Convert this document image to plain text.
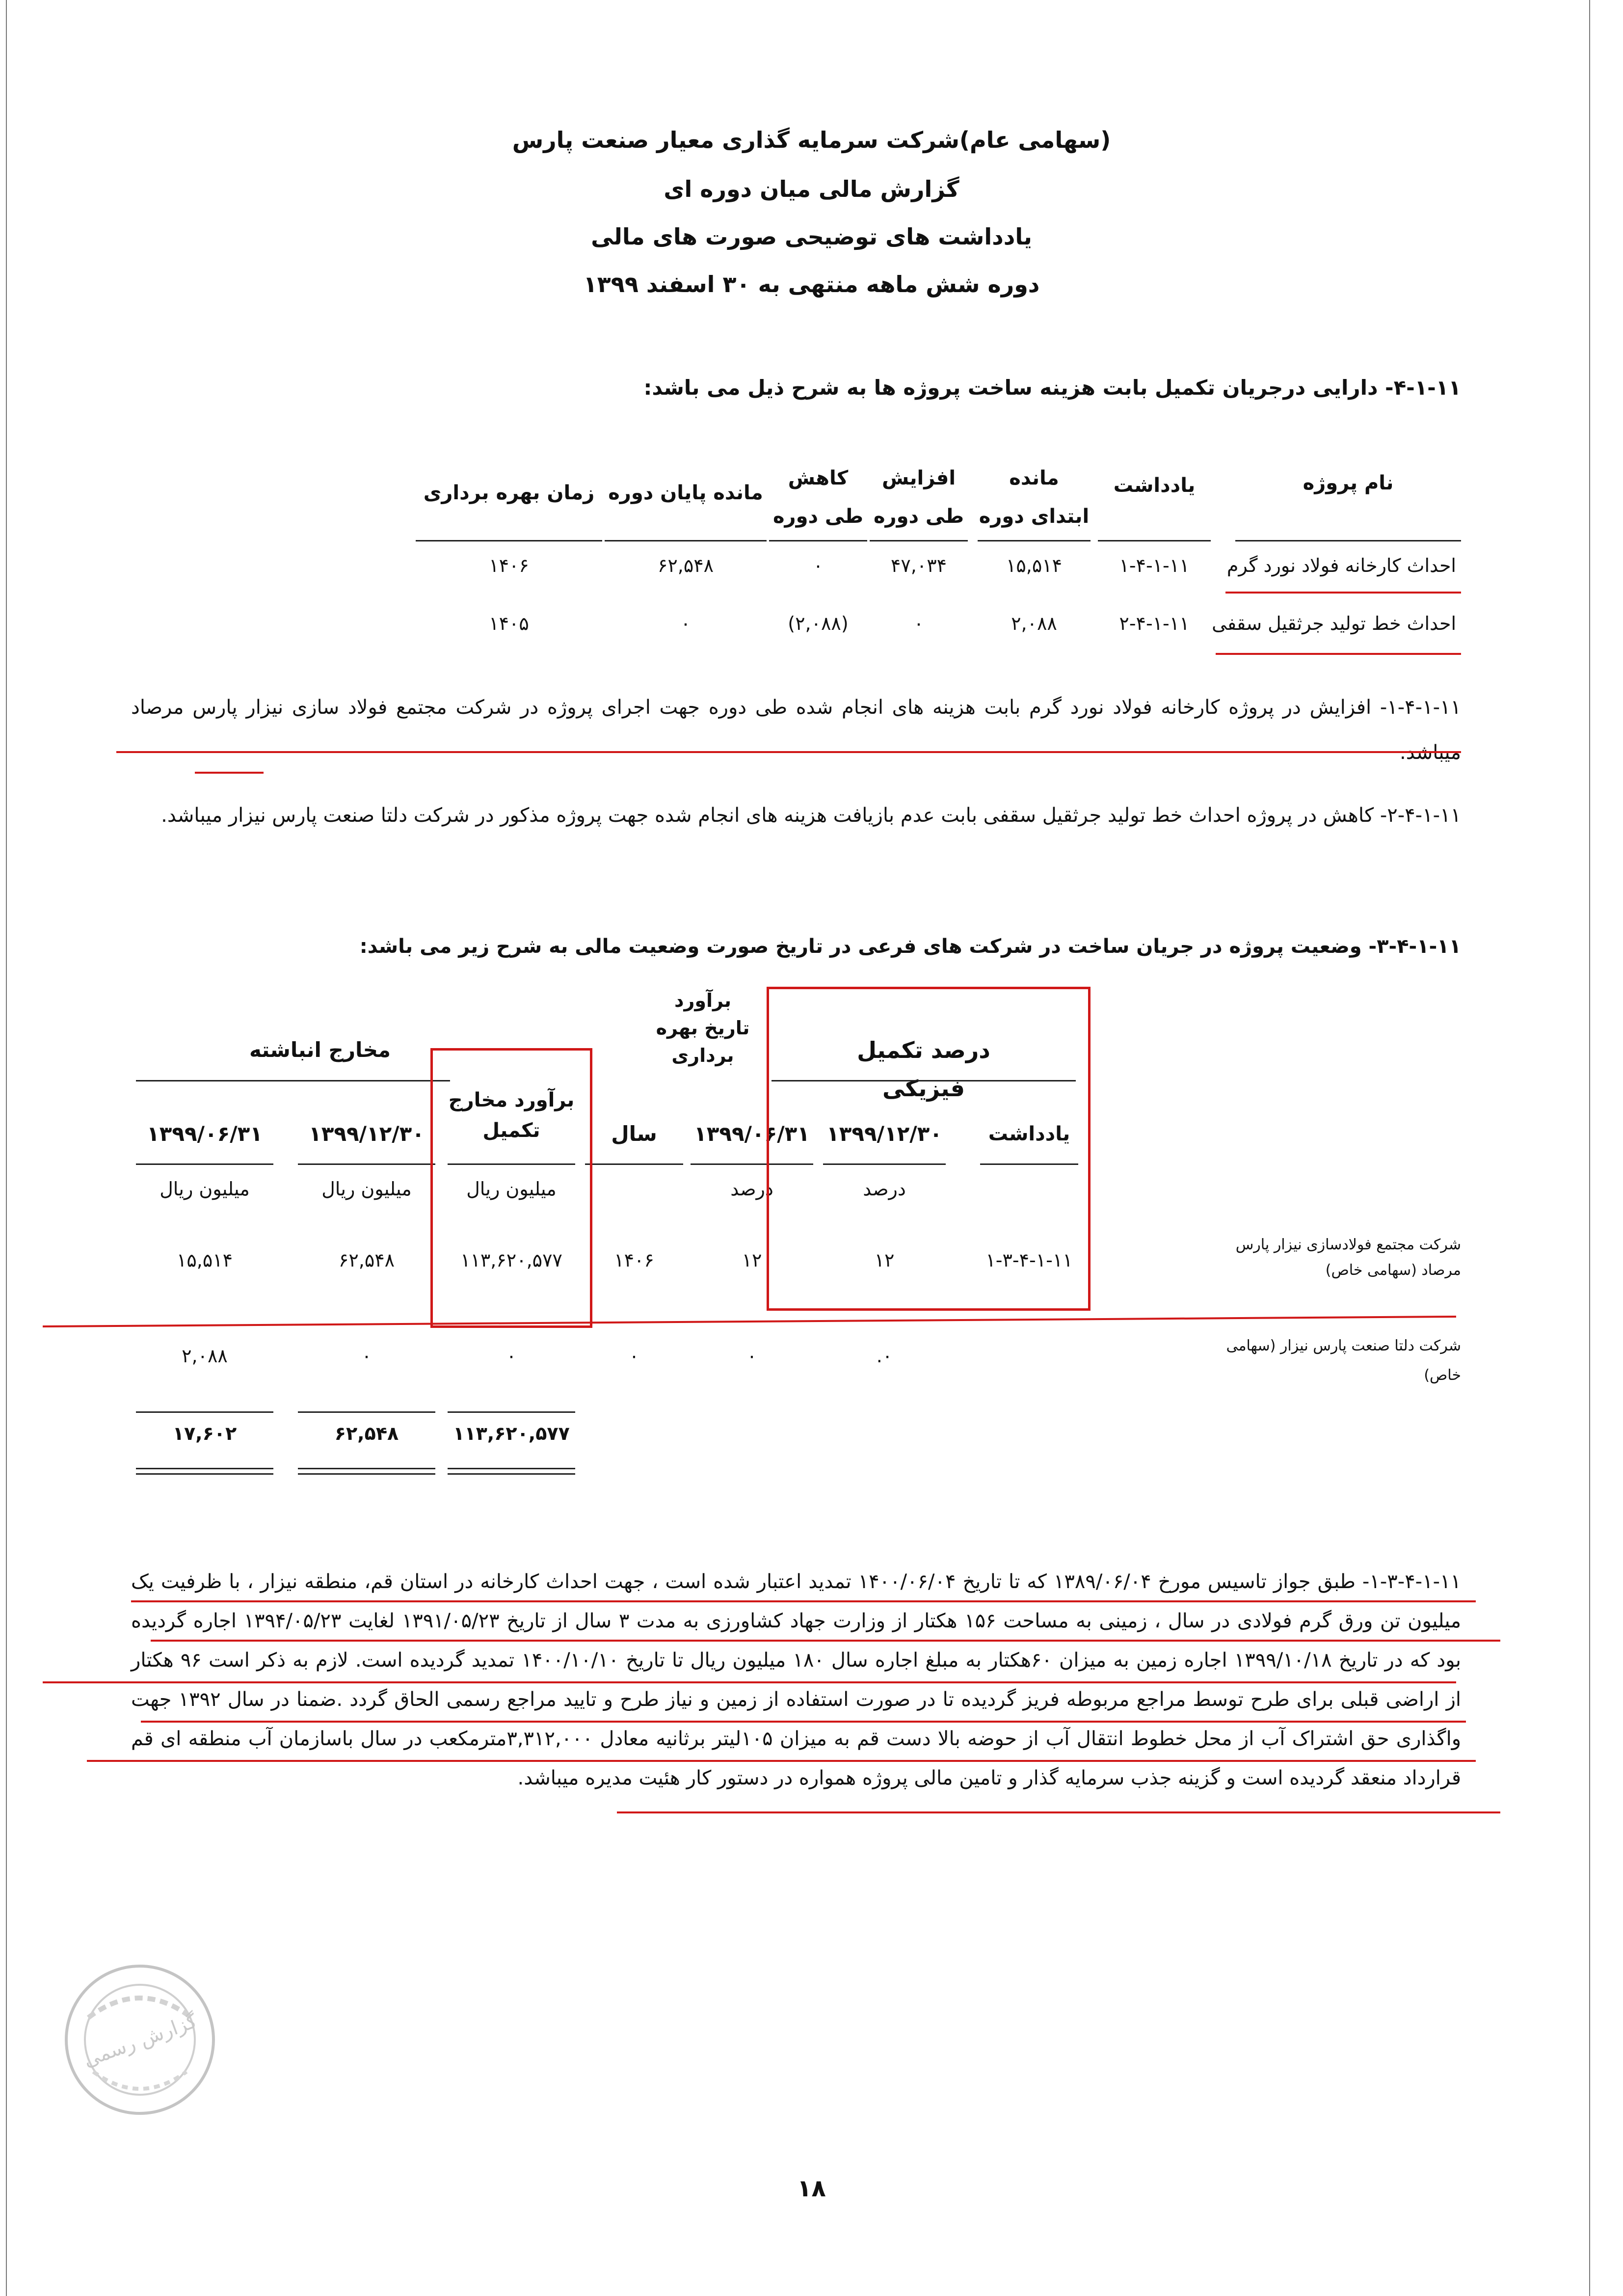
(سهامی عام)شرکت سرمایه گذاری معیار صنعت پارس
گزارش مالی میان دوره ای
یادداشت های توضیحی صورت های مالی
دوره شش ماهه منتهی به ۳۰ اسفند ۱۳۹۹
۴-۱-۱۱- دارایی درجریان تکمیل بابت هزینه ساخت پروژه ها به شرح ذیل می باشد:
نام پروژه
یادداشت
مانده ابتدای دوره
افزایش طی دوره
کاهش طی دوره
مانده پایان دوره
زمان بهره برداری
احداث کارخانه فولاد نورد گرم
۱-۴-۱-۱۱
۱۵,۵۱۴
۴۷,۰۳۴
۰
۶۲,۵۴۸
۱۴۰۶
احداث خط تولید جرثقیل سقفی
۲-۴-۱-۱۱
۲,۰۸۸
۰
(۲,۰۸۸)
۰
۱۴۰۵
۱-۴-۱-۱۱- افزایش در پروژه کارخانه فولاد نورد گرم بابت هزینه های انجام شده طی دوره جهت اجرای پروژه در شرکت مجتمع فولاد سازی نیزار پارس مرصاد میباشد.
۲-۴-۱-۱۱- کاهش در پروژه احداث خط تولید جرثقیل سقفی بابت عدم بازیافت هزینه های انجام شده جهت پروژه مذکور در شرکت دلتا صنعت پارس نیزار میباشد.
۳-۴-۱-۱۱- وضعیت پروژه در جریان ساخت در شرکت های فرعی در تاریخ صورت وضعیت مالی به شرح زیر می باشد:
برآورد تاریخ بهره برداری	درصد تکمیل فیزیکی
مخارج انباشته
یادداشت
۱۳۹۹/۱۲/۳۰
۱۳۹۹/۰۶/۳۱
سال
برآورد مخارج تکمیل
۱۳۹۹/۱۲/۳۰
۱۳۹۹/۰۶/۳۱
درصد
درصد
میلیون ریال
میلیون ریال
میلیون ریال
شرکت مجتمع فولادسازی نیزار پارس مرصاد (سهامی خاص)
۱-۳-۴-۱-۱۱
۱۲
۱۲
۱۴۰۶
۱۱۳,۶۲۰,۵۷۷
۶۲,۵۴۸
۱۵,۵۱۴
شرکت دلتا صنعت پارس نیزار (سهامی خاص)
۰.
۰
۰
۰
۰
۲,۰۸۸
۱۱۳,۶۲۰,۵۷۷
۶۲,۵۴۸
۱۷,۶۰۲
۱-۳-۴-۱-۱۱- طبق جواز تاسیس مورخ ۱۳۸۹/۰۶/۰۴ که تا تاریخ ۱۴۰۰/۰۶/۰۴ تمدید اعتبار شده است ، جهت احداث کارخانه در استان قم، منطقه نیزار ، با ظرفیت یک میلیون تن ورق گرم فولادی در سال ، زمینی به مساحت ۱۵۶ هکتار از وزارت جهاد کشاورزی به مدت ۳ سال از تاریخ ۱۳۹۱/۰۵/۲۳ لغایت ۱۳۹۴/۰۵/۲۳ اجاره گردیده بود که در تاریخ ۱۳۹۹/۱۰/۱۸ اجاره زمین به میزان ۶۰هکتار به مبلغ اجاره سال ۱۸۰ میلیون ریال تا تاریخ ۱۴۰۰/۱۰/۱۰ تمدید گردیده است. لازم به ذکر است ۹۶ هکتار از اراضی قبلی برای طرح توسط مراجع مربوطه فریز گردیده تا در صورت استفاده از زمین و نیاز طرح و تایید مراجع رسمی الحاق گردد .ضمنا در سال ۱۳۹۲ جهت واگذاری حق اشتراک آب از محل خطوط انتقال آب از حوضه بالا دست قم به میزان ۱۰۵لیتر برثانیه معادل ۳,۳۱۲,۰۰۰مترمکعب در سال باسازمان آب منطقه ای قم قرارداد منعقد گردیده است و گزینه جذب سرمایه گذار و تامین مالی پروژه همواره در دستور کار هئیت مدیره میباشد.
گزارش رسمی
۱۸
